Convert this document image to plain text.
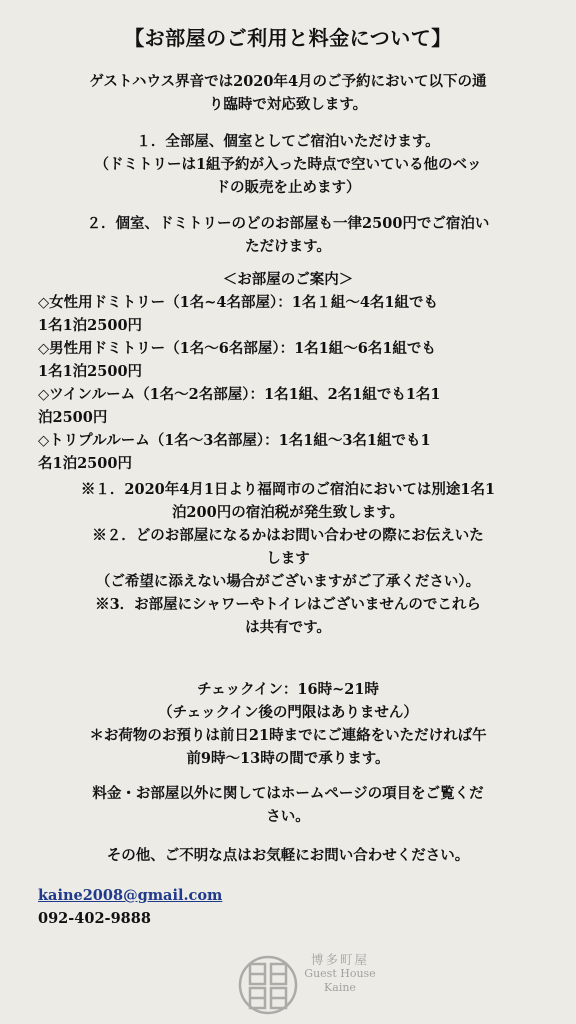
【お部屋のご利用と料金について】
ゲストハウス界音では2020年4月のご予約において以下の通
り臨時で対応致します。
１．全部屋、個室としてご宿泊いただけます。
（ドミトリーは1組予約が入った時点で空いている他のベッ
ドの販売を止めます）
２．個室、ドミトリーのどのお部屋も一律2500円でご宿泊い
ただけます。
＜お部屋のご案内＞
◇女性用ドミトリー（1名~4名部屋）：1名１組〜4名1組でも
1名1泊2500円
◇男性用ドミトリー（1名〜6名部屋）：1名1組〜6名1組でも
1名1泊2500円
◇ツインルーム（1名〜2名部屋）：1名1組、2名1組でも1名1
泊2500円
◇トリプルルーム（1名〜3名部屋）：1名1組〜3名1組でも1
名1泊2500円
※１．2020年4月1日より福岡市のご宿泊においては別途1名1
泊200円の宿泊税が発生致します。
※２．どのお部屋になるかはお問い合わせの際にお伝えいた
します
（ご希望に添えない場合がございますがご了承ください）。
※3．お部屋にシャワーやトイレはございませんのでこれら
は共有です。
チェックイン：16時~21時
（チェックイン後の門限はありません）
＊お荷物のお預りは前日21時までにご連絡をいただければ午
前9時〜13時の間で承ります。
料金・お部屋以外に関してはホームページの項目をご覧くだ
さい。
その他、ご不明な点はお気軽にお問い合わせください。
kaine2008@gmail.com
092-402-9888
博多町屋
Guest House
Kaine
